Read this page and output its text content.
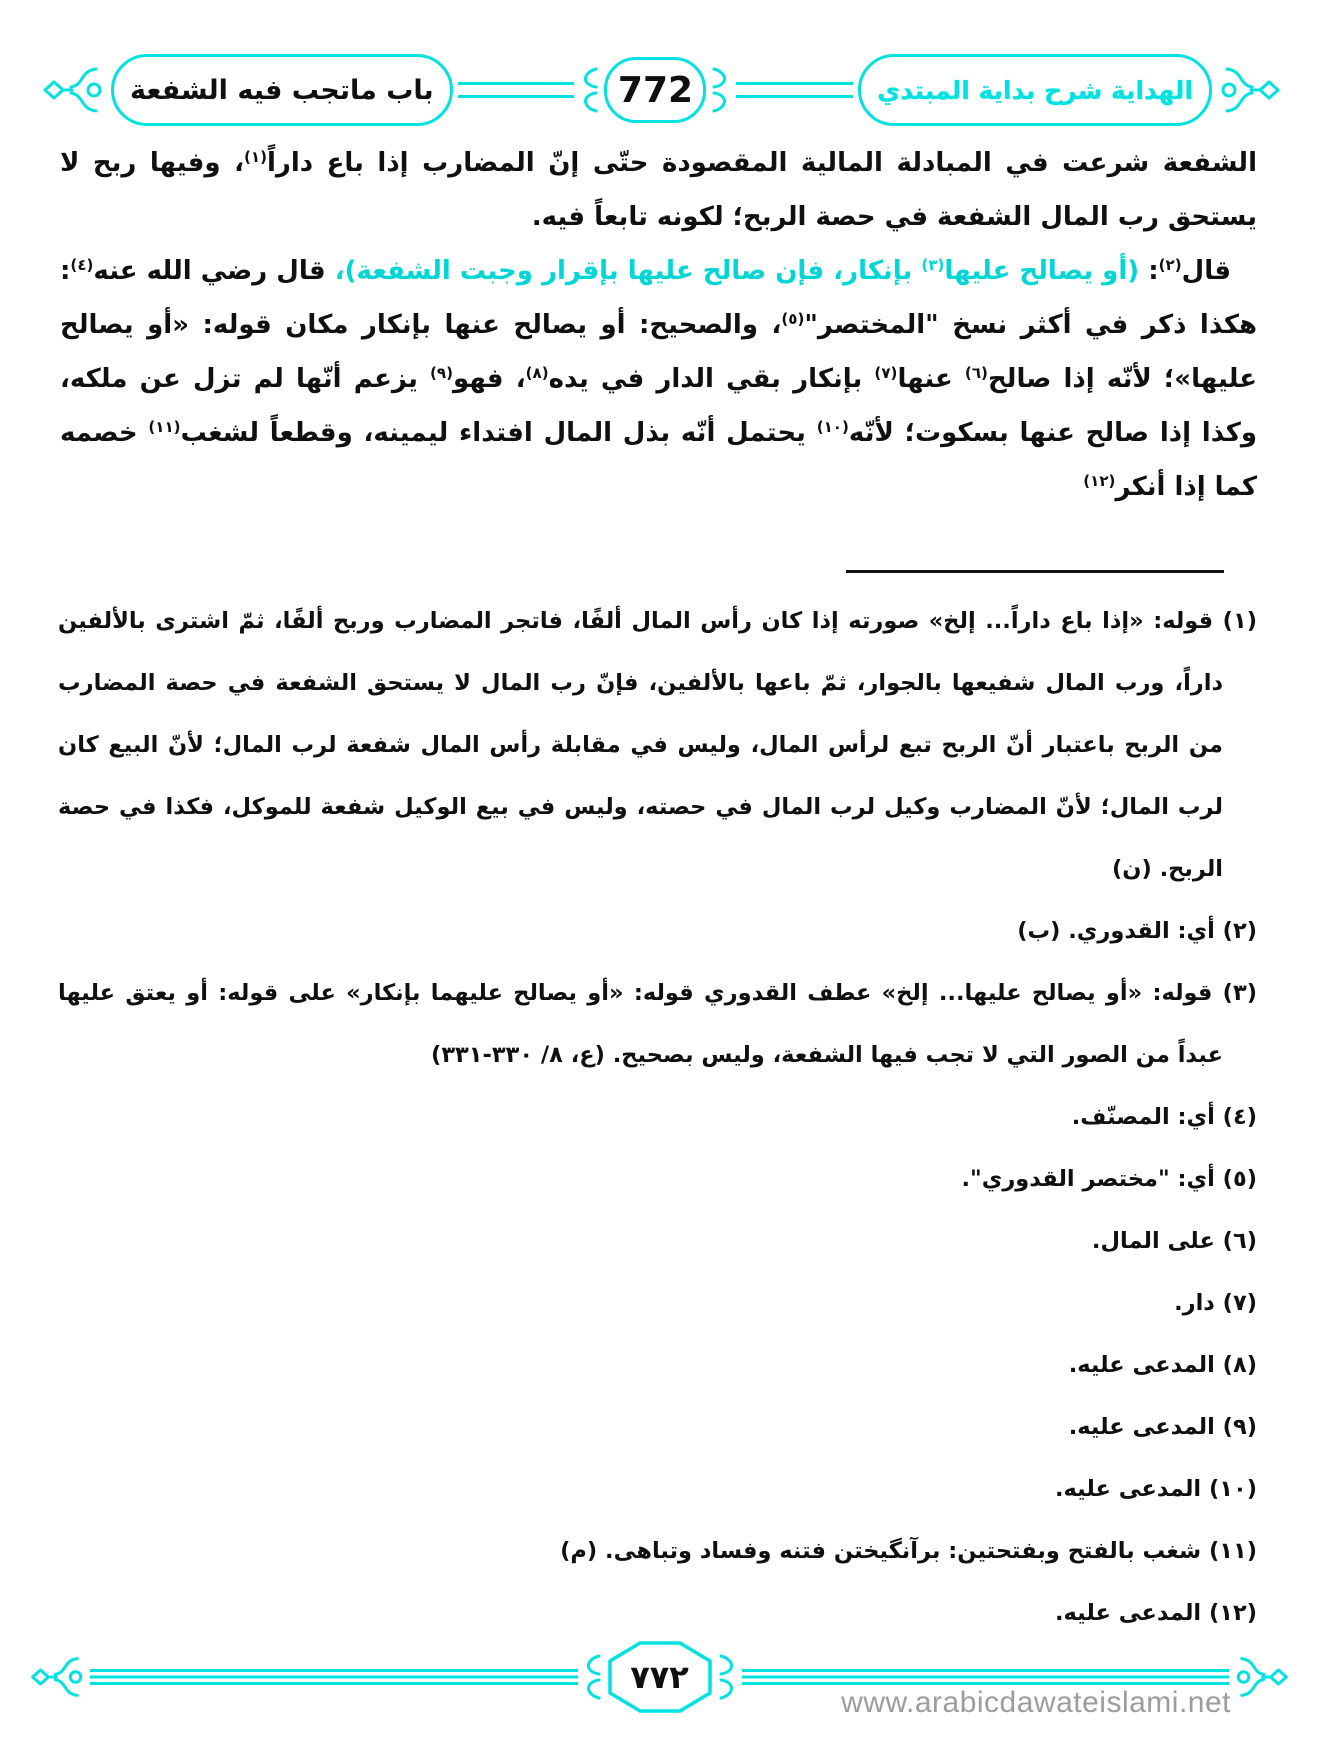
باب ماتجب فيه الشفعة	772	الهداية شرح بداية المبتدي

الشفعة شرعت في المبادلة المالية المقصودة حتّى إنّ المضارب إذا باع داراً$^{(١)}$، وفيها ربح لا يستحق رب المال الشفعة في حصة الربح؛ لكونه تابعاً فيه.

قال$^{(٢)}$: (أو يصالح عليها$^{(٣)}$ بإنكار، فإن صالح عليها بإقرار وجبت الشفعة)، قال رضي الله عنه$^{(٤)}$: هكذا ذكر في أكثر نسخ "المختصر"$^{(٥)}$، والصحيح: أو يصالح عنها بإنكار مكان قوله: «أو يصالح عليها»؛ لأنّه إذا صالح$^{(٦)}$ عنها$^{(٧)}$ بإنكار بقي الدار في يده$^{(٨)}$، فهو$^{(٩)}$ يزعم أنّها لم تزل عن ملكه، وكذا إذا صالح عنها بسكوت؛ لأنّه$^{(١٠)}$ يحتمل أنّه بذل المال افتداء ليمينه، وقطعاً لشغب$^{(١١)}$ خصمه كما إذا أنكر$^{(١٢)}$

(١) قوله: «إذا باع داراً... إلخ» صورته إذا كان رأس المال ألفًا، فاتجر المضارب وربح ألفًا، ثمّ اشترى بالألفين داراً، ورب المال شفيعها بالجوار، ثمّ باعها بالألفين، فإنّ رب المال لا يستحق الشفعة في حصة المضارب من الربح باعتبار أنّ الربح تبع لرأس المال، وليس في مقابلة رأس المال شفعة لرب المال؛ لأنّ البيع كان لرب المال؛ لأنّ المضارب وكيل لرب المال في حصته، وليس في بيع الوكيل شفعة للموكل، فكذا في حصة الربح. (ن)

(٢) أي: القدوري. (ب)

(٣) قوله: «أو يصالح عليها... إلخ» عطف القدوري قوله: «أو يصالح عليهما بإنكار» على قوله: أو يعتق عليها عبداً من الصور التي لا تجب فيها الشفعة، وليس بصحيح. (ع، ٨/ ٣٣٠-٣٣١)

(٤) أي: المصنّف.

(٥) أي: "مختصر القدوري".

(٦) على المال.

(٧) دار.

(٨) المدعى عليه.

(٩) المدعى عليه.

(١٠) المدعى عليه.

(١١) شغب بالفتح وبفتحتين: برآنگيختن فتنه وفساد وتباهى. (م)

(١٢) المدعى عليه.

٧٧٢
www.arabicdawateislami.net
